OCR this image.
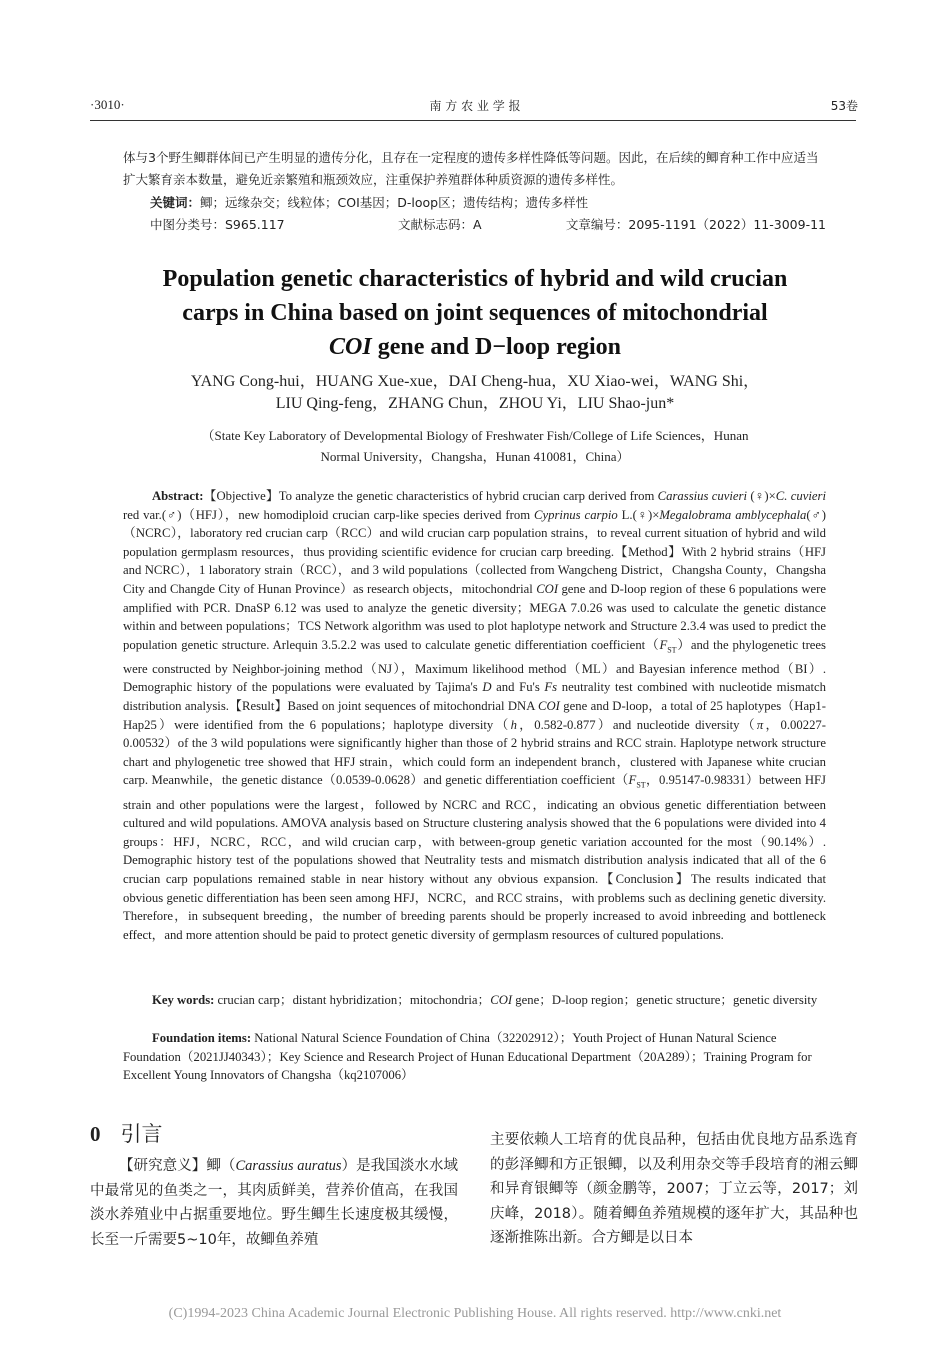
·3010·	南 方 农 业 学 报	53卷
体与3个野生鲫群体间已产生明显的遗传分化，且存在一定程度的遗传多样性降低等问题。因此，在后续的鲫育种工作中应适当扩大繁育亲本数量，避免近亲繁殖和瓶颈效应，注重保护养殖群体种质资源的遗传多样性。
关键词：鲫；远缘杂交；线粒体；COI基因；D-loop区；遗传结构；遗传多样性
中图分类号：S965.117	文献标志码：A	文章编号：2095-1191（2022）11-3009-11
Population genetic characteristics of hybrid and wild crucian
carps in China based on joint sequences of mitochondrial
COI gene and D−loop region
YANG Cong-hui，HUANG Xue-xue，DAI Cheng-hua，XU Xiao-wei，WANG Shi，
LIU Qing-feng，ZHANG Chun，ZHOU Yi，LIU Shao-jun*
（State Key Laboratory of Developmental Biology of Freshwater Fish/College of Life Sciences，Hunan
Normal University，Changsha，Hunan 410081，China）
Abstract:【Objective】To analyze the genetic characteristics of hybrid crucian carp derived from Carassius cuvieri (♀)×C. cuvieri red var.(♂)（HFJ），new homodiploid crucian carp-like species derived from Cyprinus carpio L.(♀)×Megalobrama amblycephala(♂)（NCRC），laboratory red crucian carp（RCC）and wild crucian carp population strains，to reveal current situation of hybrid and wild population germplasm resources，thus providing scientific evidence for crucian carp breeding.【Method】With 2 hybrid strains（HFJ and NCRC），1 laboratory strain（RCC），and 3 wild populations（collected from Wangcheng District，Changsha County，Changsha City and Changde City of Hunan Province）as research objects，mitochondrial COI gene and D-loop region of these 6 populations were amplified with PCR. DnaSP 6.12 was used to analyze the genetic diversity；MEGA 7.0.26 was used to calculate the genetic distance within and between populations；TCS Network algorithm was used to plot haplotype network and Structure 2.3.4 was used to predict the population genetic structure. Arlequin 3.5.2.2 was used to calculate genetic differentiation $coefficient(F_{ST})and$ the phylogenetic trees were constructed by Neighbor-joining method（NJ），Maximum likelihood method（ML）and Bayesian inference method（BI）. Demographic history of the populations were evaluated by Tajima's D and Fu's Fs neutrality test combined with nucleotide mismatch distribution analysis.【Result】Based on joint sequences of mitochondrial DNA COI gene and D-loop，a total of 25 haplotypes（Hap1-Hap25）were identified from the 6 populations；haplotype diversity（h，0.582-0.877）and nucleotide diversity（π，0.00227-0.00532）of the 3 wild populations were significantly higher than those of 2 hybrid strains and RCC strain. Haplotype network structure chart and phylogenetic tree showed that HFJ strain，which could form an independent branch，clustered with Japanese white crucian carp. Meanwhile，the genetic distance（0.0539-0.0628）and genetic differentiation $coefficient(F_{ST}$，0.95147-0.98331）between HFJ strain and other populations were the largest，followed by NCRC and RCC，indicating an obvious genetic differentiation between cultured and wild populations. AMOVA analysis based on Structure clustering analysis showed that the 6 populations were divided into 4 groups：HFJ，NCRC，RCC，and wild crucian carp，with between-group genetic variation accounted for the most（90.14%）. Demographic history test of the populations showed that Neutrality tests and mismatch distribution analysis indicated that all of the 6 crucian carp populations remained stable in near history without any obvious expansion.【Conclusion】The results indicated that obvious genetic differentiation has been seen among HFJ，NCRC，and RCC strains，with problems such as declining genetic diversity. Therefore，in subsequent breeding，the number of breeding parents should be properly increased to avoid inbreeding and bottleneck effect，and more attention should be paid to protect genetic diversity of germplasm resources of cultured populations.
Key words: crucian carp；distant hybridization；mitochondria；COI gene；D-loop region；genetic structure；genetic diversity
Foundation items: National Natural Science Foundation of China（32202912）；Youth Project of Hunan Natural Science Foundation（2021JJ40343）；Key Science and Research Project of Hunan Educational Department（20A289）；Training Program for Excellent Young Innovators of Changsha（kq2107006）
0 引言
【研究意义】鲫（Carassius auratus）是我国淡水水域中最常见的鱼类之一，其肉质鲜美，营养价值高，在我国淡水养殖业中占据重要地位。野生鲫生长速度极其缓慢，长至一斤需要5~10年，故鲫鱼养殖
主要依赖人工培育的优良品种，包括由优良地方品系选育的彭泽鲫和方正银鲫，以及利用杂交等手段培育的湘云鲫和异育银鲫等（颜金鹏等，2007；丁立云等，2017；刘庆峰，2018）。随着鲫鱼养殖规模的逐年扩大，其品种也逐渐推陈出新。合方鲫是以日本
(C)1994-2023 China Academic Journal Electronic Publishing House. All rights reserved. http://www.cnki.net
